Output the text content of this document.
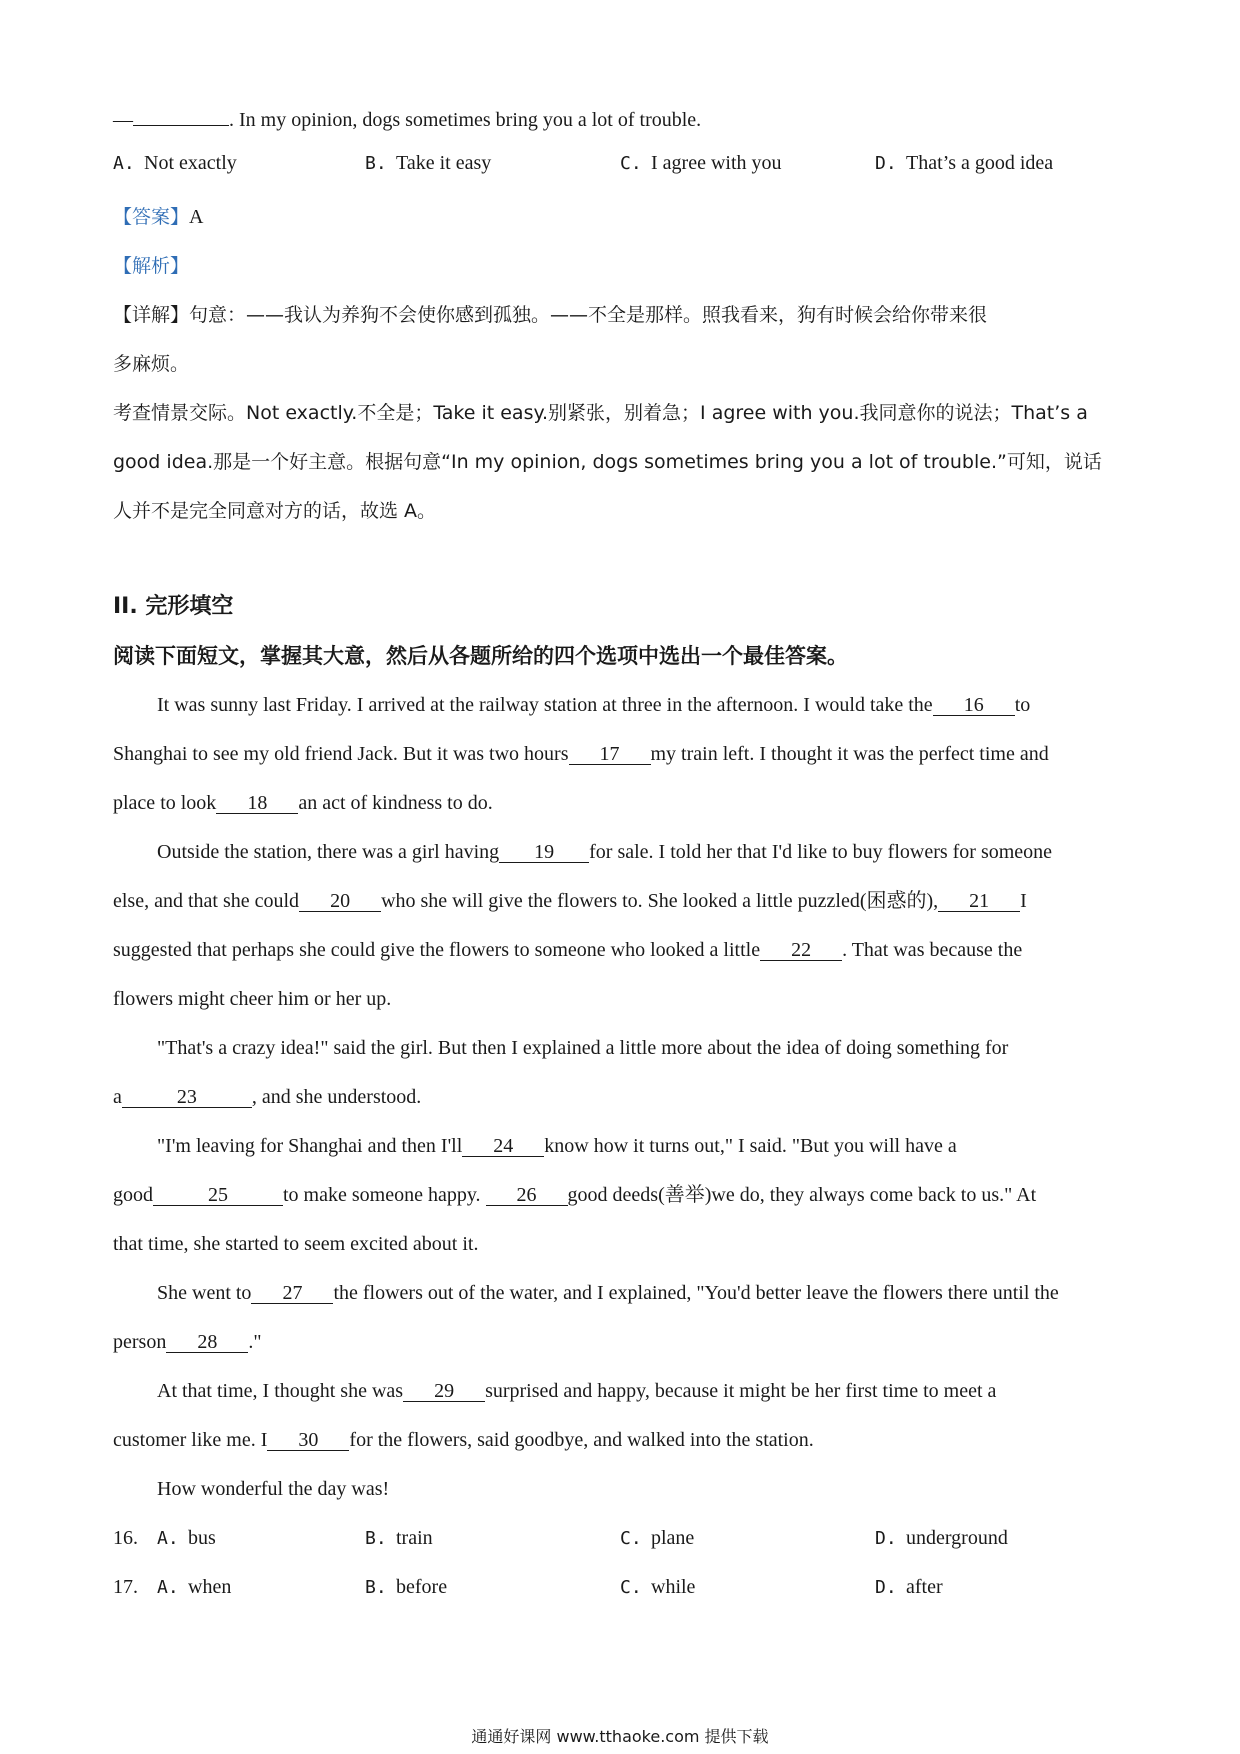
—	. In my opinion, dogs sometimes bring you a lot of trouble.
A. Not exactly	B. Take it easy	C. I agree with you	D. That’s a good idea
【答案】A
【解析】
【详解】句意：——我认为养狗不会使你感到孤独。——不全是那样。照我看来，狗有时候会给你带来很
多麻烦。
考查情景交际。Not exactly.不全是；Take it easy.别紧张，别着急；I agree with you.我同意你的说法；That’s a
good idea.那是一个好主意。根据句意“In my opinion, dogs sometimes bring you a lot of trouble.”可知，说话
人并不是完全同意对方的话，故选 A。
II. 完形填空
阅读下面短文，掌握其大意，然后从各题所给的四个选项中选出一个最佳答案。
It was sunny last Friday. I arrived at the railway station at three in the afternoon. I would take the 16 to
Shanghai to see my old friend Jack. But it was two hours 17 my train left. I thought it was the perfect time and
place to look 18 an act of kindness to do.
Outside the station, there was a girl having 19 for sale. I told her that I'd like to buy flowers for someone
else, and that she could 20 who she will give the flowers to. She looked a little puzzled(困惑的), 21 I
suggested that perhaps she could give the flowers to someone who looked a little 22 . That was because the
flowers might cheer him or her up.
"That's a crazy idea!" said the girl. But then I explained a little more about the idea of doing something for
a	23	, and she understood.
"I'm leaving for Shanghai and then I'll 24 know how it turns out," I said. "But you will have a
good	25	to make someone happy. 26 good deeds(善举)we do, they always come back to us." At
that time, she started to seem excited about it.
She went to 27 the flowers out of the water, and I explained, "You'd better leave the flowers there until the
person 28 ."
At that time, I thought she was 29 surprised and happy, because it might be her first time to meet a
customer like me. I 30 for the flowers, said goodbye, and walked into the station.
How wonderful the day was!
16. A. bus	B. train	C. plane	D. underground
17. A. when	B. before	C. while	D. after
通通好课网 www.tthaoke.com 提供下载
